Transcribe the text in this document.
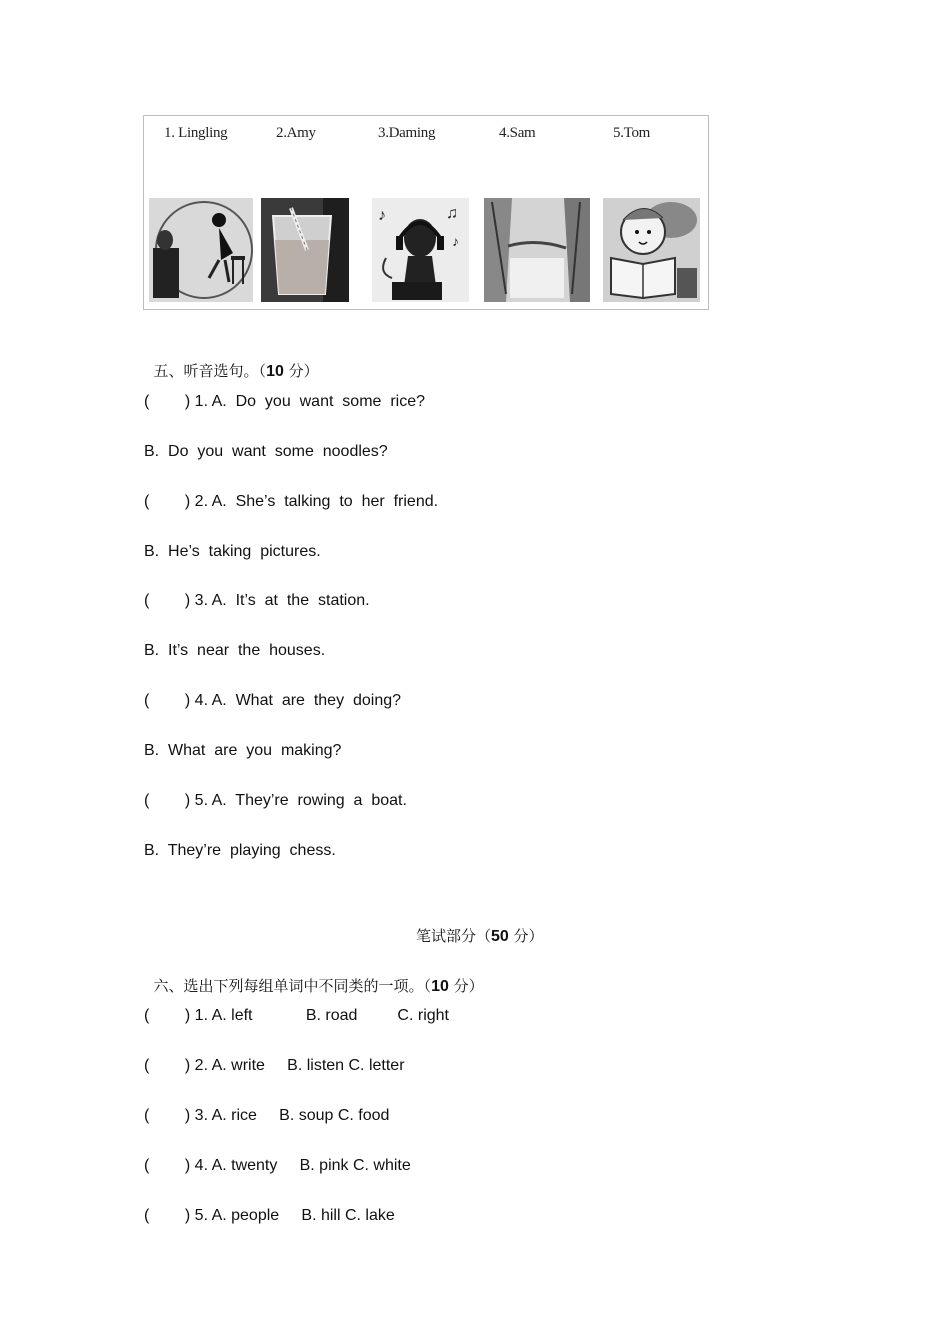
1. Lingling	2.Amy	3.Daming	4.Sam	5.Tom
♪	♫
♪

五、听音选句。（10 分）

(        ) 1. A.  Do  you  want  some  rice?
B.  Do  you  want  some  noodles?
(        ) 2. A.  She’s  talking  to  her  friend.
B.  He’s  taking  pictures.
(        ) 3. A.  It’s  at  the  station.
B.  It’s  near  the  houses.
(        ) 4. A.  What  are  they  doing?
B.  What  are  you  making?
(        ) 5. A.  They’re  rowing  a  boat.
B.  They’re  playing  chess.

笔试部分（50 分）

六、选出下列每组单词中不同类的一项。（10 分）

(        ) 1. A. left            B. road         C. right
(        ) 2. A. write     B. listen C. letter
(        ) 3. A. rice     B. soup C. food
(        ) 4. A. twenty     B. pink C. white
(        ) 5. A. people     B. hill C. lake
